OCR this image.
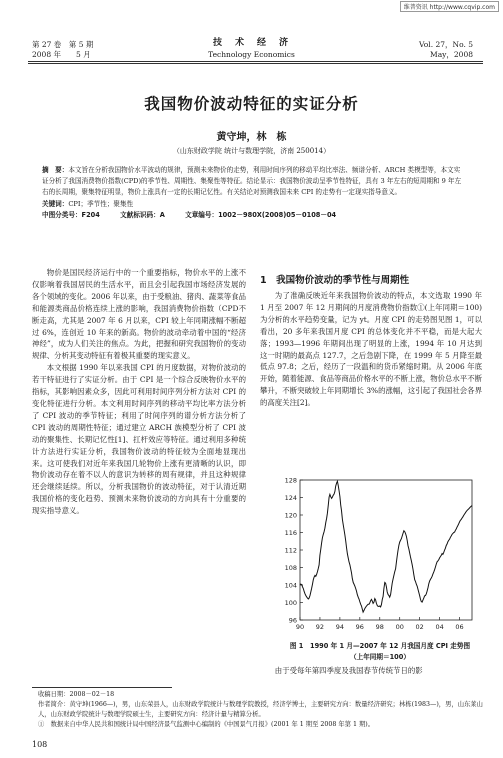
维普资讯 http://www.cqvip.com
第 27 卷　第 5 期
2008 年　　5 月
技　术　经　济
Technology Economics
Vol. 27，No. 5
May，2008
我国物价波动特征的实证分析
黄守坤，林　栋
（山东财政学院 统计与数理学院，济南 250014）
摘　要：本文旨在分析我国物价水平波动的规律，预测未来物价的走势，利用时间序列的移动平均比率法、频谱分析、ARCH 类模型等，本文实证分析了我国消费物价指数(CPD)的季节性、周期性、集聚性等特征。结论显示：我国物价波动呈季节性特征，具有 3 年左右的短周期和 9 年左右的长周期，聚集特征明显，物价上涨具有一定的长期记忆性。有关结论对预测我国未来 CPI 的走势有一定现实指导意义。
关键词：CPI；季节性；聚集性
中图分类号：F204	文献标识码：A	文章编号：1002－980X(2008)05－0108－04

物价是国民经济运行中的一个重要指标，物价水平的上涨不仅影响着我国居民的生活水平，而且会引起我国市场经济发展的各个领域的变化。2006 年以来，由于受粮油、猪肉、蔬菜等食品和能源类商品价格连续上涨的影响，我国消费物价指数（CPD不断走高，尤其是 2007 年 6 月以来，CPI 较上年同期涨幅不断超过 6%，连创近 10 年来的新高。物价的波动牵动着中国的“经济神经”，成为人们关注的焦点。为此，把握和研究我国物价的变动规律、分析其变动特征有着极其重要的现实意义。

本文根据 1990 年以来我国 CPI 的月度数据，对物价波动的若干特征进行了实证分析。由于 CPI 是一个综合反映物价水平的指标，其影响因素众多，因此可利用时间序列分析方法对 CPI 的变化特征进行分析。本文利用时间序列的移动平均比率方法分析了 CPI 波动的季节特征；利用了时间序列的谱分析方法分析了 CPI 波动的周期性特征；通过建立 ARCH 族模型分析了 CPI 波动的聚集性、长期记忆性[1]、扛杆效应等特征。通过利用多种统计方法进行实证分析，我国物价波动的特征较为全面地显现出来。这可使我们对近年来我国几轮物价上涨有更清晰的认识，即物价波动存在着不以人的意识为转移的周有规律，并且这种规律还会继续延续。所以，分析我国物价的波动特征，对于认清近期我国价格的变化趋势、预测未来物价波动的方向具有十分重要的现实指导意义。

1　我国物价波动的季节性与周期性

为了准确反映近年来我国物价波动的特点，本文选取 1990 年 1 月至 2007 年 12 月期间的月度消费物价指数①(上年同期＝100)为分析的水平趋势变量，记为 yt。月度 CPI 的走势图见图 1，可以看出，20 多年来我国月度 CPI 的总体变化并不平稳，而是大起大落；1993—1996 年期间出现了明显的上涨，1994 年 10 月达到这一时期的最高点 127.7，之后急剧下降，在 1999 年 5 月降至最低点 97.8；之后，经历了一段温和的货币紧缩时期。从 2006 年底开始，随着能源、食品等商品价格水平的不断上涨，物价总水平不断攀升，不断突破较上年同期增长 3%的涨幅，这引起了我国社会各界的高度关注[2]。

96
100
104
108
112
116
120
124
128
90 92 94 96 98 00 02 04 06
图 1　1990 年 1 月—2007 年 12 月我国月度 CPI 走势图
（上年同期＝100）

由于受每年第四季度及我国春节传统节日的影

收稿日期：2008－02－18
作者简介：黄守坤(1966—)，男，山东荣县人，山东财政学院统计与数理学院教授，经济学博士，主要研究方向：数量经济研究；林栋(1983—)，男，山东莱山人，山东财政学院统计与数理学院硕士生，主要研究方向：经济计量与精算分析。
①　数据来自中华人民共和国统计局中国经济景气监测中心编制的《中国景气月报》(2001 年 1 期至 2008 年第 1 期)。
108
